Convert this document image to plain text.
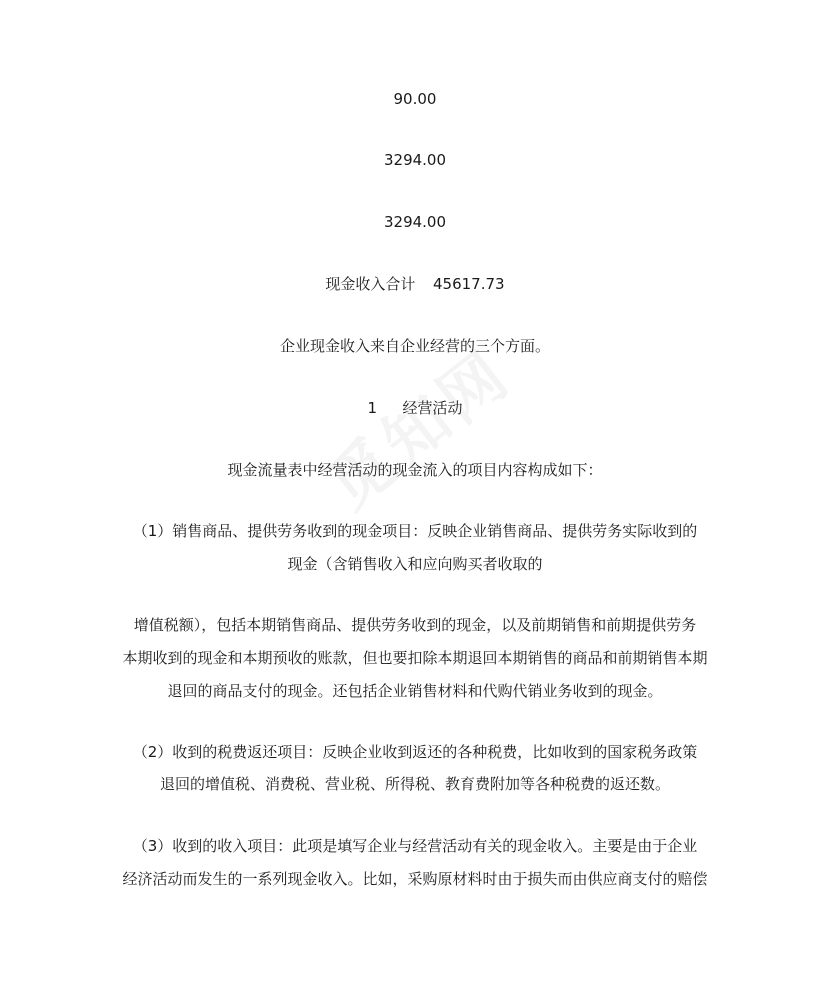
90.00
3294.00
3294.00
现金收入合计 45617.73
企业现金收入来自企业经营的三个方面。
1 经营活动
现金流量表中经营活动的现金流入的项目内容构成如下：
（1）销售商品、提供劳务收到的现金项目：反映企业销售商品、提供劳务实际收到的
现金（含销售收入和应向购买者收取的
增值税额），包括本期销售商品、提供劳务收到的现金，以及前期销售和前期提供劳务
本期收到的现金和本期预收的账款，但也要扣除本期退回本期销售的商品和前期销售本期
退回的商品支付的现金。还包括企业销售材料和代购代销业务收到的现金。
（2）收到的税费返还项目：反映企业收到返还的各种税费，比如收到的国家税务政策
退回的增值税、消费税、营业税、所得税、教育费附加等各种税费的返还数。
（3）收到的收入项目：此项是填写企业与经营活动有关的现金收入。主要是由于企业
经济活动而发生的一系列现金收入。比如，采购原材料时由于损失而由供应商支付的赔偿
